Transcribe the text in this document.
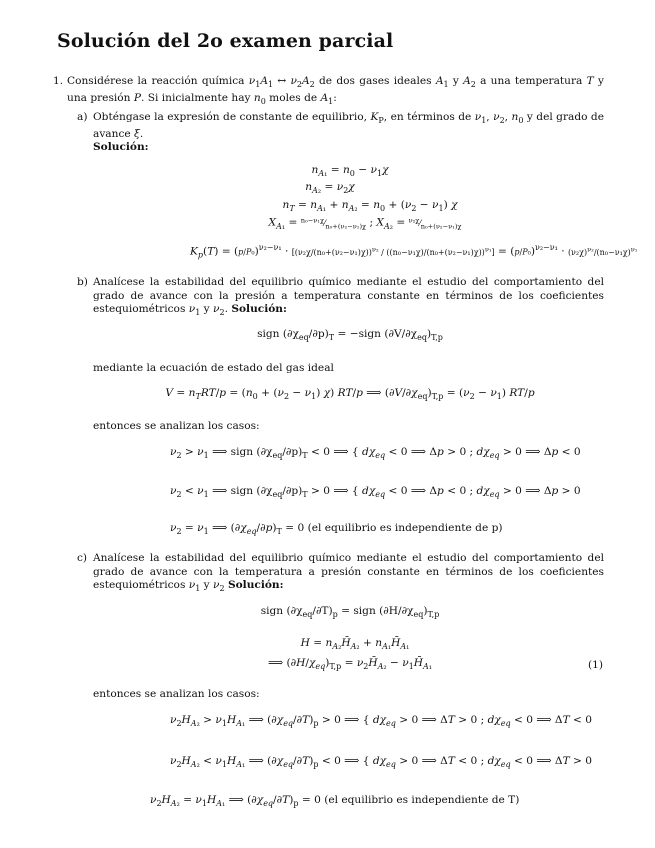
Solución del 2o examen parcial
1. Considérese la reacción química $\nu_1A_1$ ↔ $\nu_2A_2$ de dos gases ideales $A_1$ y $A_2$ a una temperatura T y una presión P. Si inicialmente hay $n_0$ moles de $A_1$:
a) Obténgase la expresión de constante de equilibrio, $K_P$, en términos de $\nu_1$, $\nu_2$, $n_0$ y del grado de avance ξ.
Solución:
$n_{A_1} = n_0 - \nu_1\chi$
$n_{A_2} = \nu_2\chi$
$n_T = n_{A_1} + n_{A_2} = n_0 + (\nu_2 - \nu_1)$ χ
$X_{A_1}$ = $^{n_0-\nu_1\chi}⁄_{n_0+(\nu_2-\nu_1)\chi}$ ; $X_{A_2}$ = $^{\nu_2\chi}⁄_{n_0+(\nu_2-\nu_1)\chi}$
$K_p(T) = (p/P_0)^{\nu_2-\nu_1} \cdot [(\nu_2\chi/(n_0+(\nu_2-\nu_1)\chi))^{\nu_2} / ((n_0-\nu_1\chi)/(n_0+(\nu_2-\nu_1)\chi))^{\nu_1}] = (p/P_0)^{\nu_2-\nu_1} \cdot (\nu_2\chi)^{\nu_2}/(n_0-\nu_1\chi)^{\nu_1}$
b) Analícese la estabilidad del equilibrio químico mediante el estudio del comportamiento del grado de avance con la presión a temperatura constante en términos de los coeficientes estequiométricos $\nu_1$ y $\nu_2$. Solución:
sign $(\partial\chi_{eq}/\partial p)_T$ = −sign $(\partial V/\partial\chi_{eq})_{T,p}$
mediante la ecuación de estado del gas ideal
$V = n_TRT/p = (n_0 + (\nu_2 - \nu_1)$ χ) RT/p ⟹ $(\partial V/\partial\chi_{eq})_{T,p} = (\nu_2 - \nu_1)$ RT/p
entonces se analizan los casos:
$\nu_2 > \nu_1$ ⟹ sign $(\partial\chi_{eq}/\partial p)_T < 0$ ⟹ { $d\chi_{eq} < 0$ ⟹ Δp > 0 ; $d\chi_{eq} > 0$ ⟹ Δp < 0
$\nu_2 < \nu_1$ ⟹ sign $(\partial\chi_{eq}/\partial p)_T > 0$ ⟹ { $d\chi_{eq} < 0$ ⟹ Δp < 0 ; $d\chi_{eq} > 0$ ⟹ Δp > 0
$\nu_2 = \nu_1$ ⟹ $(\partial\chi_{eq}/\partial p)_T = 0$ (el equilibrio es independiente de p)
c) Analícese la estabilidad del equilibrio químico mediante el estudio del comportamiento del grado de avance con la temperatura a presión constante en términos de los coeficientes estequiométricos $\nu_1$ y $\nu_2$ Solución:
sign $(\partial\chi_{eq}/\partial T)_p$ = sign $(\partial H/\partial\chi_{eq})_{T,p}$
$H = n_{A_2}H̄_{A_2}$ + $n_{A_1}H̄_{A_1}$
⟹ $(\partial H/\chi_{eq})_{T,p}$ = $\nu_2H̄_{A_2}$ − $\nu_1H̄_{A_1}$	(1)
entonces se analizan los casos:
$\nu_2H_{A_2} > \nu_1H_{A_1}$ ⟹ $(\partial\chi_{eq}/\partial T)_p > 0$ ⟹ { $d\chi_{eq} > 0$ ⟹ ΔT > 0 ; $d\chi_{eq} < 0$ ⟹ ΔT < 0
$\nu_2H_{A_2} < \nu_1H_{A_1}$ ⟹ $(\partial\chi_{eq}/\partial T)_p < 0$ ⟹ { $d\chi_{eq} > 0$ ⟹ ΔT < 0 ; $d\chi_{eq} < 0$ ⟹ ΔT > 0
$\nu_2H_{A_2} = \nu_1H_{A_1}$ ⟹ $(\partial\chi_{eq}/\partial T)_p = 0$ (el equilibrio es independiente de T)
